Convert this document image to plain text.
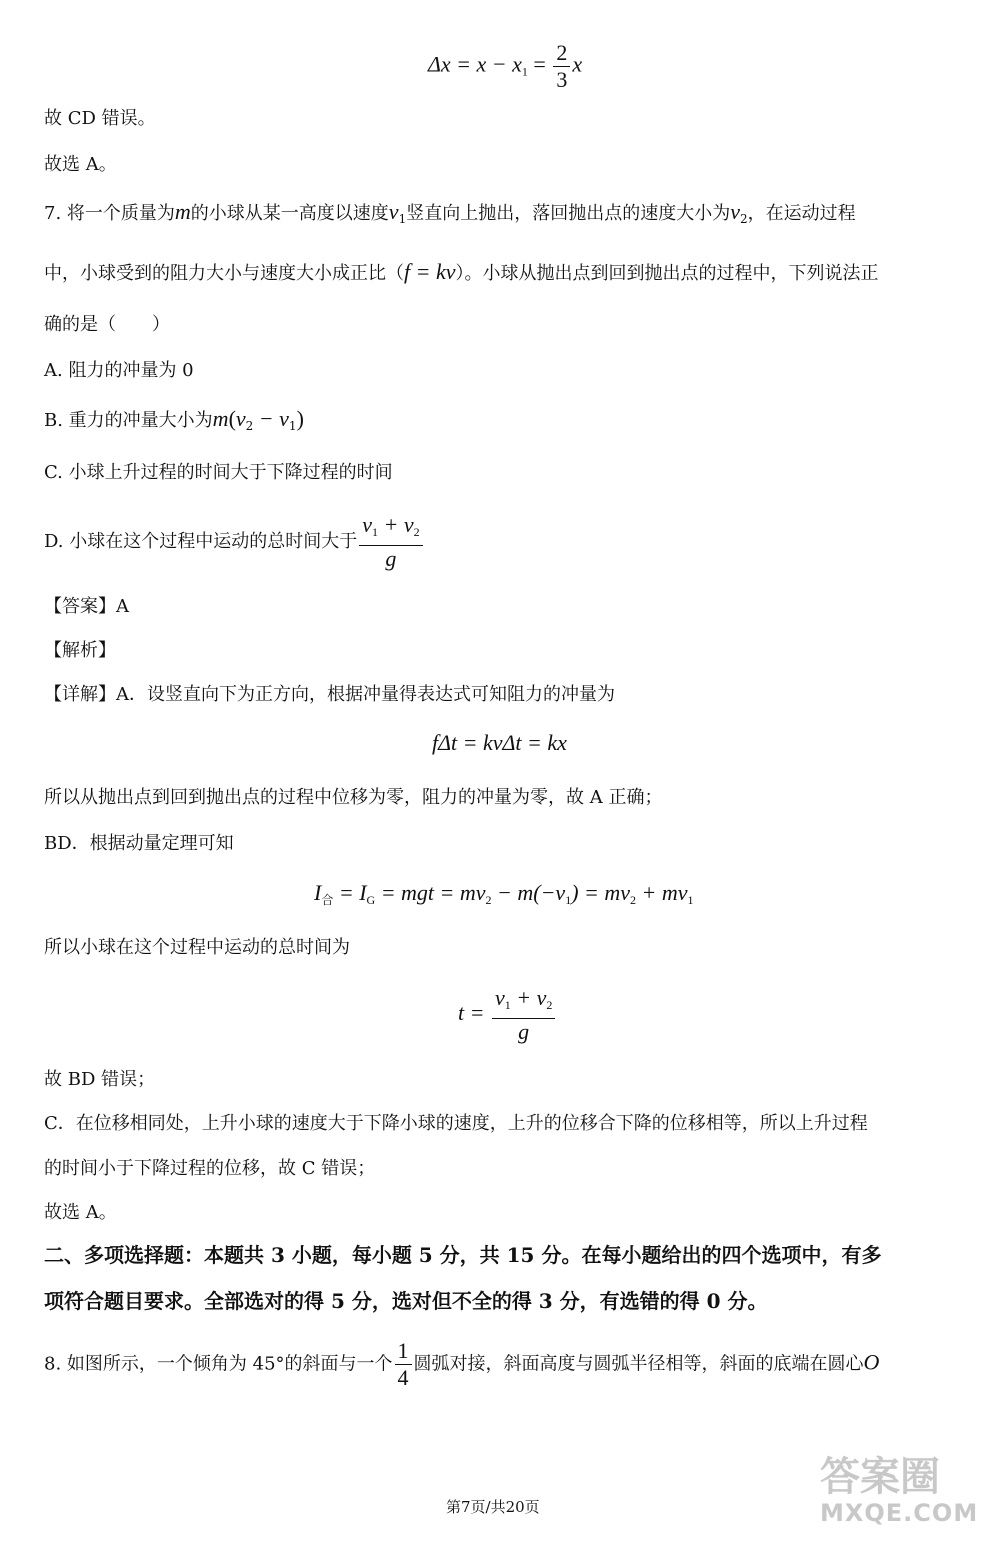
$\Delta x = x - x_1 = \frac{2}{3}$ x
故 CD 错误。
故选 A。
7. 将一个质量为m的小球从某一高度以速度$v_1$竖直向上抛出，落回抛出点的速度大小为$v_2$，在运动过程
中，小球受到的阻力大小与速度大小成正比（f = kv）。小球从抛出点到回到抛出点的过程中，下列说法正
确的是（　　）
A. 阻力的冲量为 0
B. 重力的冲量大小为$m(v_2 - v_1)$
C. 小球上升过程的时间大于下降过程的时间
D. 小球在这个过程中运动的总时间大于 $\frac{v_1 + v_2}{g}$
【答案】A
【解析】
【详解】A．设竖直向下为正方向，根据冲量得表达式可知阻力的冲量为
fΔt = kvΔt = kx
所以从抛出点到回到抛出点的过程中位移为零，阻力的冲量为零，故 A 正确；
BD．根据动量定理可知
$I_合 = I_G$ = mgt = $mv_2 - m(-v_1) = mv_2 + mv_1$
所以小球在这个过程中运动的总时间为
$t = \frac{v_1 + v_2}{g}$
故 BD 错误；
C．在位移相同处，上升小球的速度大于下降小球的速度，上升的位移合下降的位移相等，所以上升过程
的时间小于下降过程的位移，故 C 错误；
故选 A。
二、多项选择题：本题共 3 小题，每小题 5 分，共 15 分。在每小题给出的四个选项中，有多
项符合题目要求。全部选对的得 5 分，选对但不全的得 3 分，有选错的得 0 分。
8. 如图所示，一个倾角为 45°的斜面与一个 $\frac{1}{4}$ 圆弧对接，斜面高度与圆弧半径相等，斜面的底端在圆心O
第7页/共20页
答案圈
MXQE.COM
